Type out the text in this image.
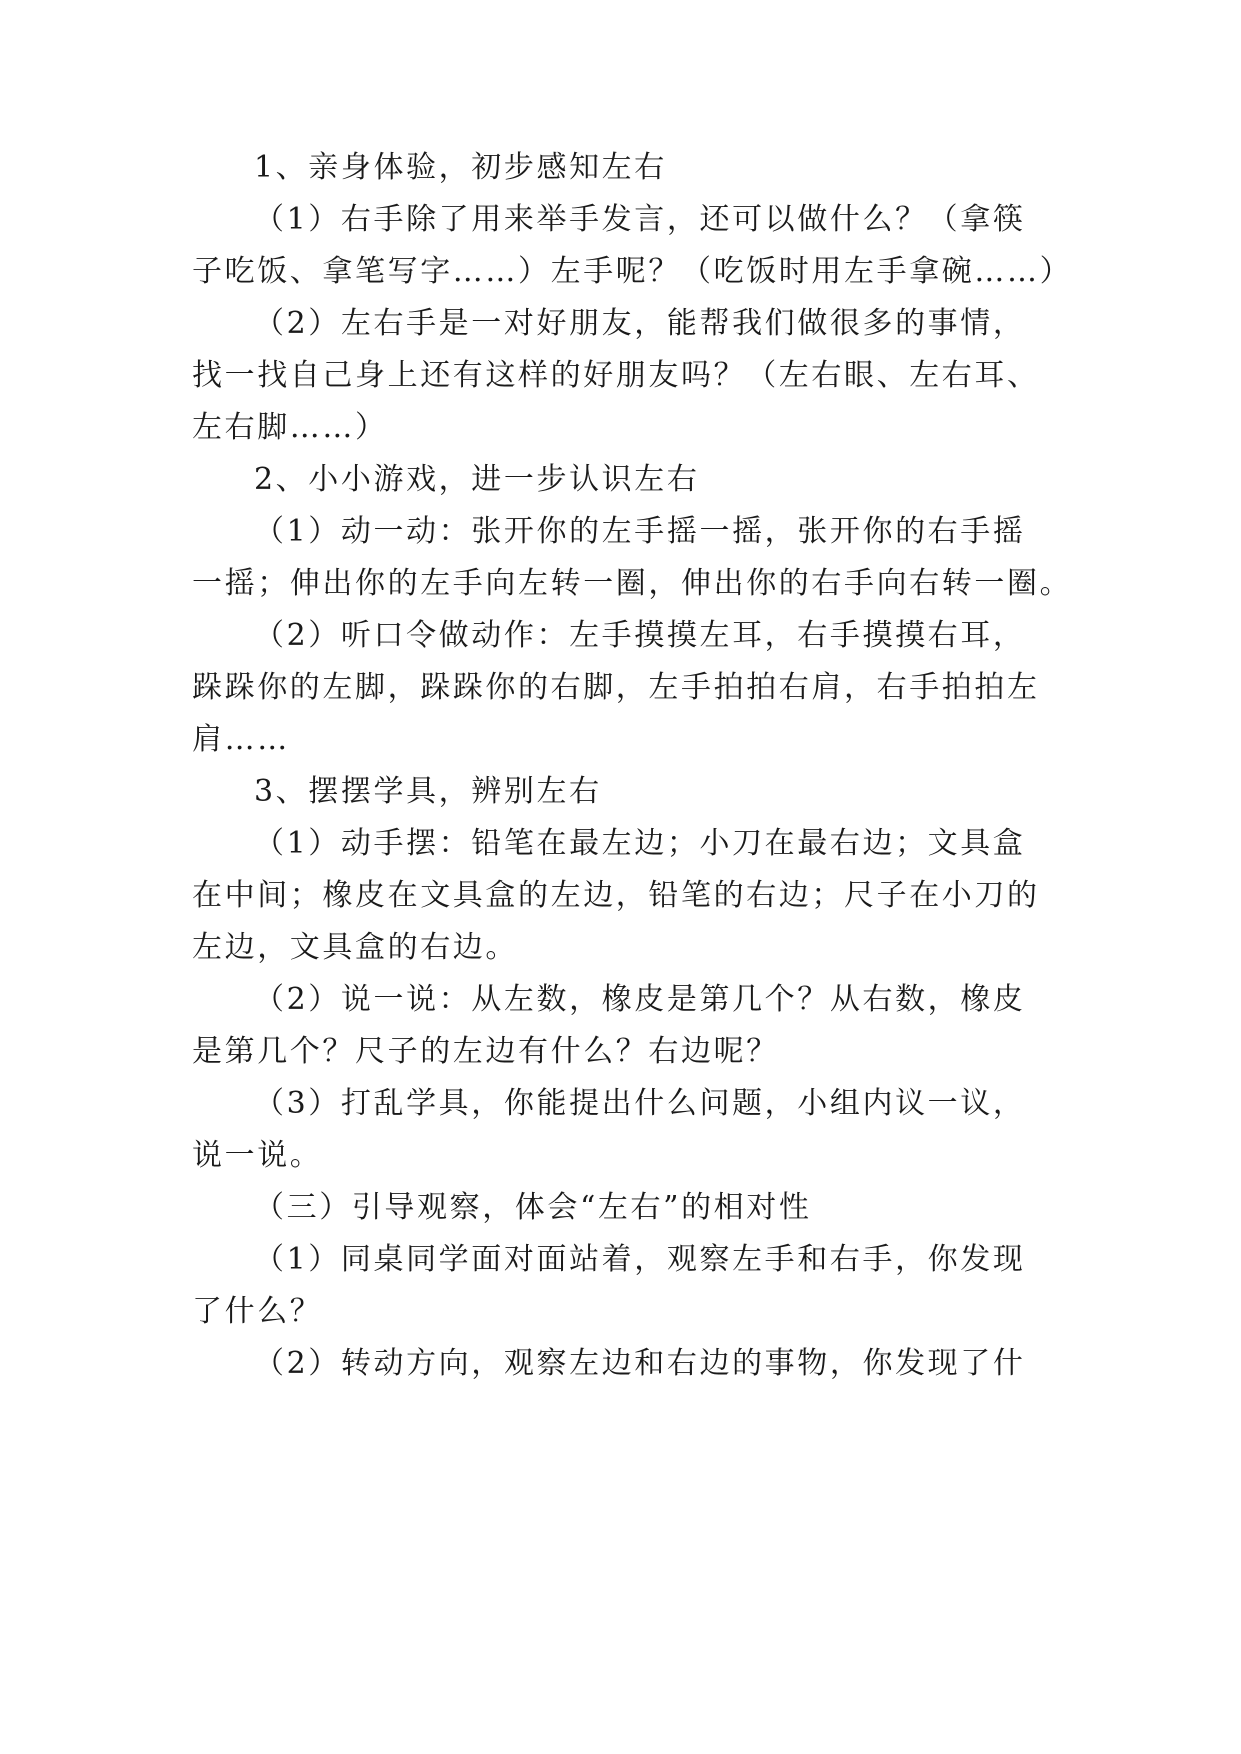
1、亲身体验，初步感知左右
（1）右手除了用来举手发言，还可以做什么？（拿筷
子吃饭、拿笔写字……）左手呢？（吃饭时用左手拿碗……）
（2）左右手是一对好朋友，能帮我们做很多的事情，
找一找自己身上还有这样的好朋友吗？（左右眼、左右耳、
左右脚……）
2、小小游戏，进一步认识左右
（1）动一动：张开你的左手摇一摇，张开你的右手摇
一摇；伸出你的左手向左转一圈，伸出你的右手向右转一圈。
（2）听口令做动作：左手摸摸左耳，右手摸摸右耳，
跺跺你的左脚，跺跺你的右脚，左手拍拍右肩，右手拍拍左
肩……
3、摆摆学具，辨别左右
（1）动手摆：铅笔在最左边；小刀在最右边；文具盒
在中间；橡皮在文具盒的左边，铅笔的右边；尺子在小刀的
左边，文具盒的右边。
（2）说一说：从左数，橡皮是第几个？从右数，橡皮
是第几个？尺子的左边有什么？右边呢？
（3）打乱学具，你能提出什么问题，小组内议一议，
说一说。
（三）引导观察，体会“左右”的相对性
（1）同桌同学面对面站着，观察左手和右手，你发现
了什么？
（2）转动方向，观察左边和右边的事物，你发现了什
